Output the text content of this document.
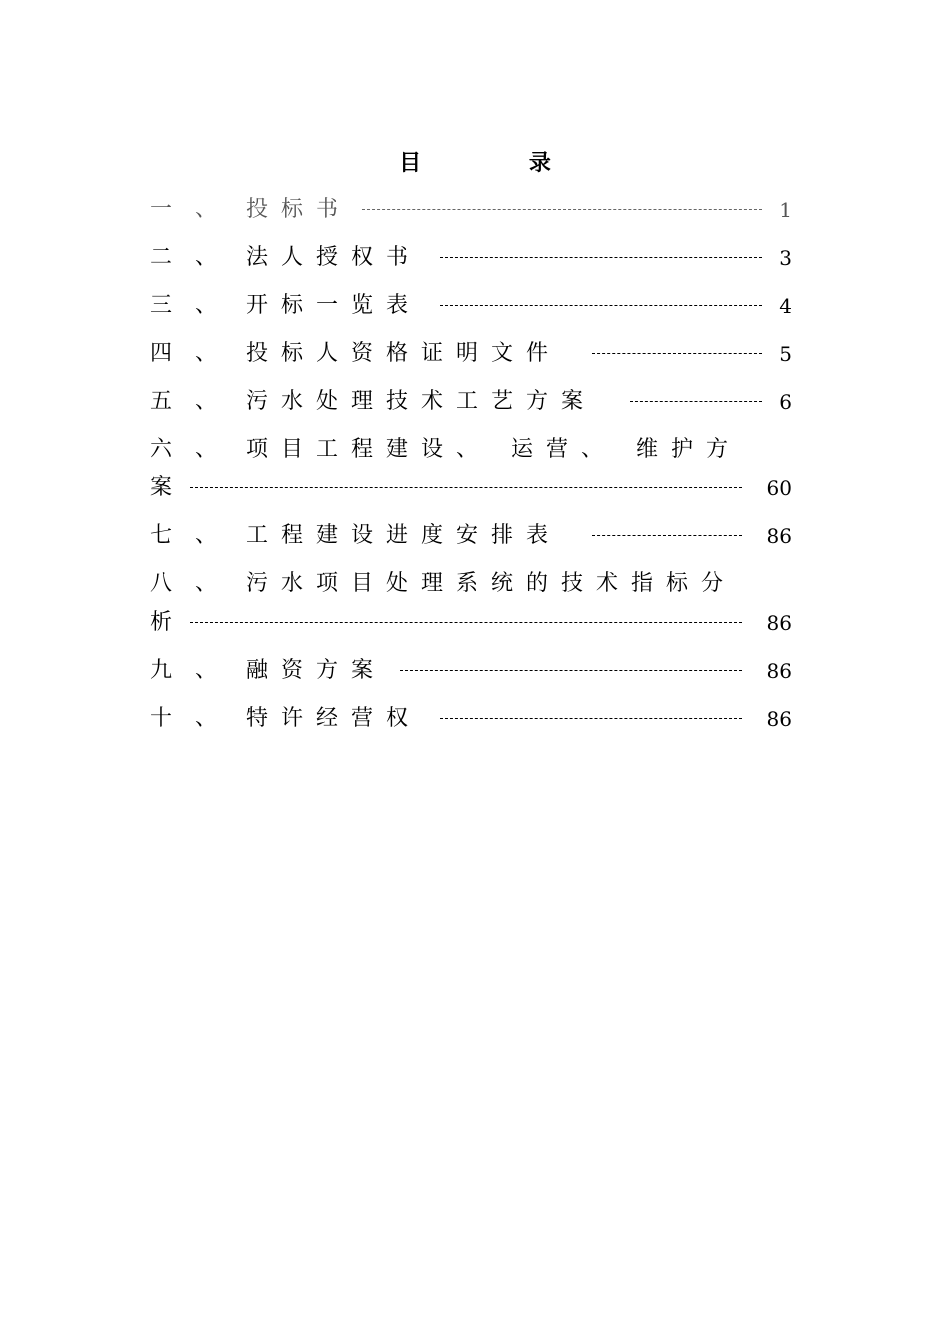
目 录
一 、 投标书	1
二 、 法人授权书	3
三 、 开标一览表	4
四 、 投标人资格证明文件	5
五 、 污水处理技术工艺方案	6
六 、 项目工程建设、 运营、 维护方
案	60
七 、 工程建设进度安排表	86
八 、 污水项目处理系统的技术指标分
析	86
九 、 融资方案	86
十 、 特许经营权	86
